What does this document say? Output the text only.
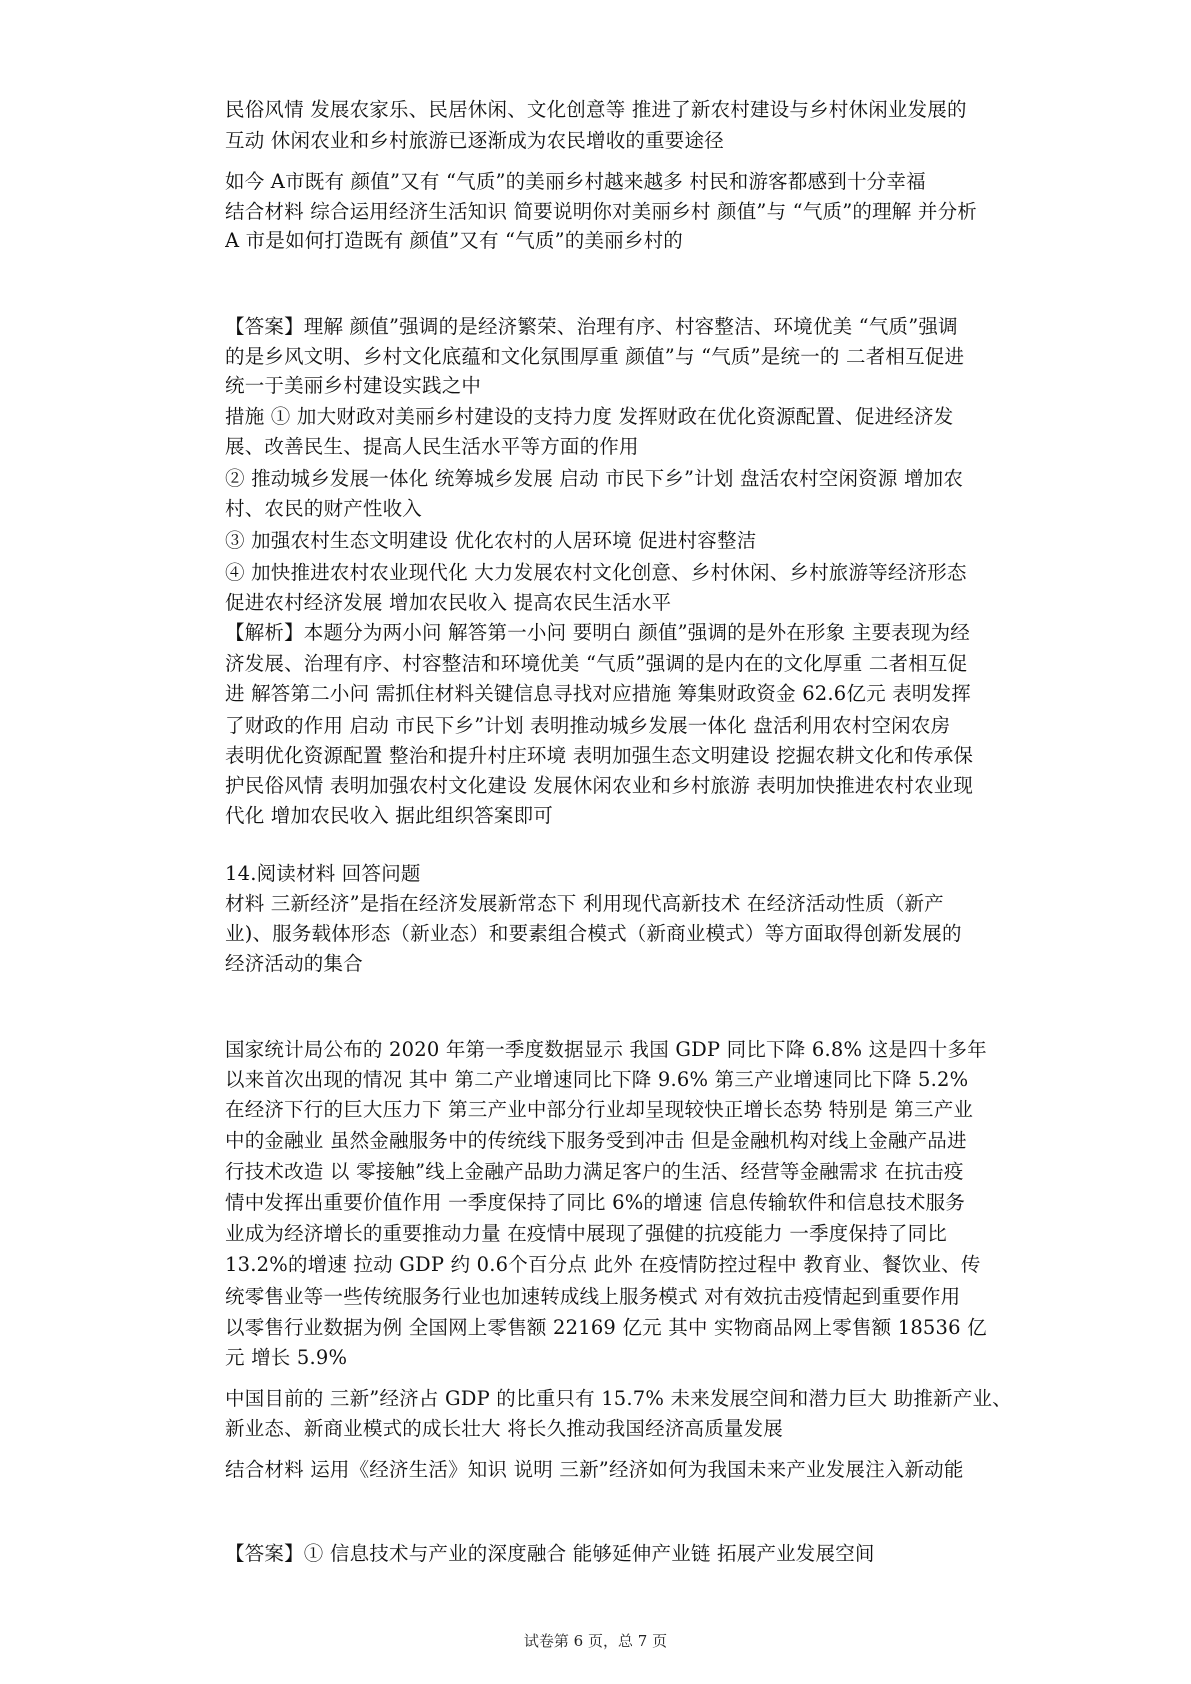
民俗风情 发展农家乐、民居休闲、文化创意等 推进了新农村建设与乡村休闲业发展的
互动 休闲农业和乡村旅游已逐渐成为农民增收的重要途径
如今 A市既有 颜值”又有 “气质”的美丽乡村越来越多 村民和游客都感到十分幸福
结合材料 综合运用经济生活知识 简要说明你对美丽乡村 颜值”与 “气质”的理解 并分析
A 市是如何打造既有 颜值”又有 “气质”的美丽乡村的
【答案】理解 颜值”强调的是经济繁荣、治理有序、村容整洁、环境优美 “气质”强调
的是乡风文明、乡村文化底蕴和文化氛围厚重 颜值”与 “气质”是统一的 二者相互促进
统一于美丽乡村建设实践之中
措施 ① 加大财政对美丽乡村建设的支持力度 发挥财政在优化资源配置、促进经济发
展、改善民生、提高人民生活水平等方面的作用
② 推动城乡发展一体化 统筹城乡发展 启动 市民下乡”计划 盘活农村空闲资源 增加农
村、农民的财产性收入
③ 加强农村生态文明建设 优化农村的人居环境 促进村容整洁
④ 加快推进农村农业现代化 大力发展农村文化创意、乡村休闲、乡村旅游等经济形态
促进农村经济发展 增加农民收入 提高农民生活水平
【解析】本题分为两小问 解答第一小问 要明白 颜值”强调的是外在形象 主要表现为经
济发展、治理有序、村容整洁和环境优美 “气质”强调的是内在的文化厚重 二者相互促
进 解答第二小问 需抓住材料关键信息寻找对应措施 筹集财政资金 62.6亿元 表明发挥
了财政的作用 启动 市民下乡”计划 表明推动城乡发展一体化 盘活利用农村空闲农房
表明优化资源配置 整治和提升村庄环境 表明加强生态文明建设 挖掘农耕文化和传承保
护民俗风情 表明加强农村文化建设 发展休闲农业和乡村旅游 表明加快推进农村农业现
代化 增加农民收入 据此组织答案即可
14.阅读材料 回答问题
材料 三新经济”是指在经济发展新常态下 利用现代高新技术 在经济活动性质（新产
业)、服务载体形态（新业态）和要素组合模式（新商业模式）等方面取得创新发展的
经济活动的集合
国家统计局公布的 2020 年第一季度数据显示 我国 GDP 同比下降 6.8% 这是四十多年
以来首次出现的情况 其中 第二产业增速同比下降 9.6% 第三产业增速同比下降 5.2%
在经济下行的巨大压力下 第三产业中部分行业却呈现较快正增长态势 特别是 第三产业
中的金融业 虽然金融服务中的传统线下服务受到冲击 但是金融机构对线上金融产品进
行技术改造 以 零接触”线上金融产品助力满足客户的生活、经营等金融需求 在抗击疫
情中发挥出重要价值作用 一季度保持了同比 6%的增速 信息传输软件和信息技术服务
业成为经济增长的重要推动力量 在疫情中展现了强健的抗疫能力 一季度保持了同比
13.2%的增速 拉动 GDP 约 0.6个百分点 此外 在疫情防控过程中 教育业、餐饮业、传
统零售业等一些传统服务行业也加速转成线上服务模式 对有效抗击疫情起到重要作用
以零售行业数据为例 全国网上零售额 22169 亿元 其中 实物商品网上零售额 18536 亿
元 增长 5.9%
中国目前的 三新”经济占 GDP 的比重只有 15.7% 未来发展空间和潜力巨大 助推新产业、
新业态、新商业模式的成长壮大 将长久推动我国经济高质量发展
结合材料 运用《经济生活》知识 说明 三新”经济如何为我国未来产业发展注入新动能
【答案】① 信息技术与产业的深度融合 能够延伸产业链 拓展产业发展空间
试卷第 6 页，总 7 页
